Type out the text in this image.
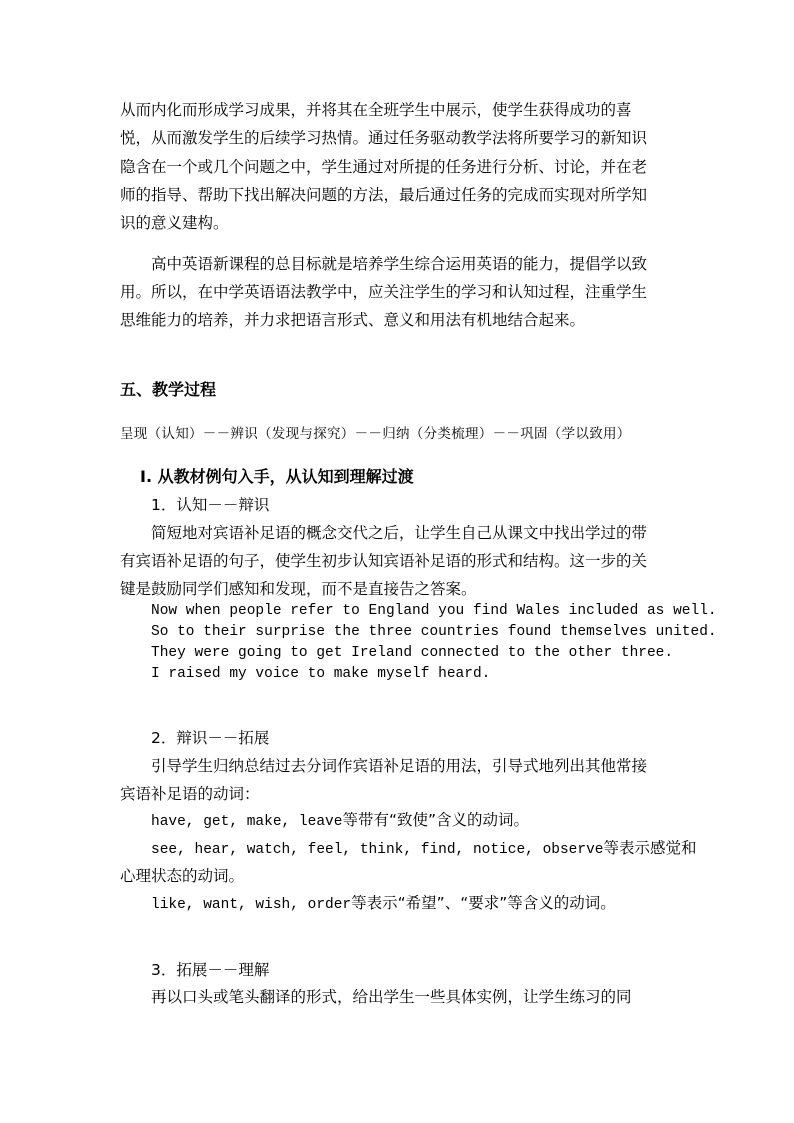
从而内化而形成学习成果，并将其在全班学生中展示，使学生获得成功的喜
悦，从而激发学生的后续学习热情。通过任务驱动教学法将所要学习的新知识
隐含在一个或几个问题之中，学生通过对所提的任务进行分析、讨论，并在老
师的指导、帮助下找出解决问题的方法，最后通过任务的完成而实现对所学知
识的意义建构。
高中英语新课程的总目标就是培养学生综合运用英语的能力，提倡学以致
用。所以，在中学英语语法教学中，应关注学生的学习和认知过程，注重学生
思维能力的培养，并力求把语言形式、意义和用法有机地结合起来。
五、教学过程
呈现（认知）－－辨识（发现与探究）－－归纳（分类梳理）－－巩固（学以致用）
Ⅰ. 从教材例句入手，从认知到理解过渡
1．认知－－辩识
简短地对宾语补足语的概念交代之后，让学生自己从课文中找出学过的带
有宾语补足语的句子，使学生初步认知宾语补足语的形式和结构。这一步的关
键是鼓励同学们感知和发现，而不是直接告之答案。
Now when people refer to England you find Wales included as well.
So to their surprise the three countries found themselves united.
They were going to get Ireland connected to the other three.
I raised my voice to make myself heard.
2．辩识－－拓展
引导学生归纳总结过去分词作宾语补足语的用法，引导式地列出其他常接
宾语补足语的动词：
have, get, make, leave等带有“致使”含义的动词。
see, hear, watch, feel, think, find, notice, observe等表示感觉和
心理状态的动词。
like, want, wish, order等表示“希望”、“要求”等含义的动词。
3．拓展－－理解
再以口头或笔头翻译的形式，给出学生一些具体实例，让学生练习的同
